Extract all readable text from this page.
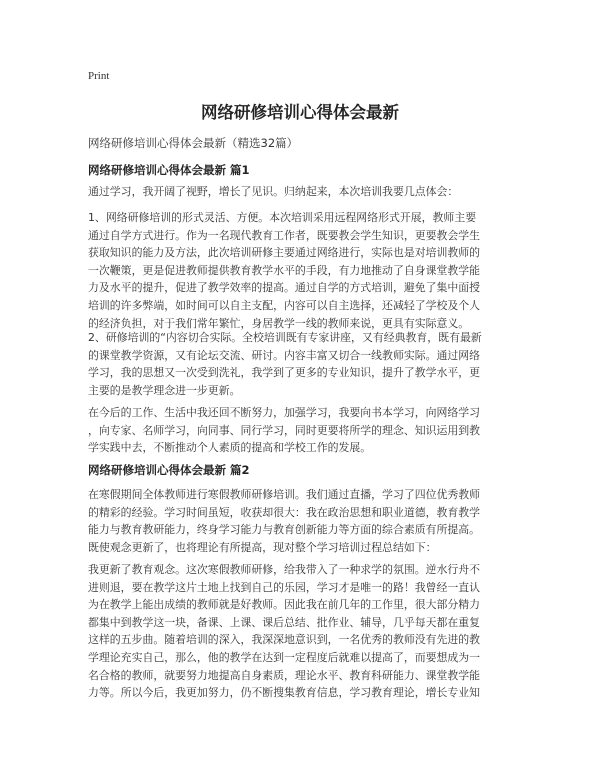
Print
网络研修培训心得体会最新
网络研修培训心得体会最新（精选32篇）
网络研修培训心得体会最新 篇1
通过学习，我开阔了视野，增长了见识。归纳起来，本次培训我要几点体会：
1、网络研修培训的形式灵活、方便。本次培训采用远程网络形式开展，教师主要
通过自学方式进行。作为一名现代教育工作者，既要教会学生知识，更要教会学生
获取知识的能力及方法，此次培训研修主要通过网络进行，实际也是对培训教师的
一次鞭策，更是促进教师提供教育教学水平的手段，有力地推动了自身课堂教学能
力及水平的提升，促进了教学效率的提高。通过自学的方式培训，避免了集中面授
培训的许多弊端，如时间可以自主支配，内容可以自主选择，还减轻了学校及个人
的经济负担，对于我们常年繁忙，身居教学一线的教师来说，更具有实际意义。
2、研修培训的“内容切合实际。全校培训既有专家讲座，又有经典教育，既有最新
的课堂教学资源，又有论坛交流、研讨。内容丰富又切合一线教师实际。通过网络
学习，我的思想又一次受到洗礼，我学到了更多的专业知识，提升了教学水平，更
主要的是教学理念进一步更新。
在今后的工作、生活中我还回不断努力，加强学习，我要向书本学习，向网络学习
，向专家、名师学习，向同事、同行学习，同时更要将所学的理念、知识运用到教
学实践中去，不断推动个人素质的提高和学校工作的发展。
网络研修培训心得体会最新 篇2
在寒假期间全体教师进行寒假教师研修培训。我们通过直播，学习了四位优秀教师
的精彩的经验。学习时间虽短，收获却很大：我在政治思想和职业道德，教育教学
能力与教育教研能力，终身学习能力与教育创新能力等方面的综合素质有所提高。
既使观念更新了，也将理论有所提高，现对整个学习培训过程总结如下：
我更新了教育观念。这次寒假教师研修，给我带入了一种求学的氛围。逆水行舟不
进则退，要在教学这片土地上找到自己的乐园，学习才是唯一的路！我曾经一直认
为在教学上能出成绩的教师就是好教师。因此我在前几年的工作里，很大部分精力
都集中到教学这一块，备课、上课、课后总结、批作业、辅导，几乎每天都在重复
这样的五步曲。随着培训的深入，我深深地意识到，一名优秀的教师没有先进的教
学理论充实自己，那么，他的教学在达到一定程度后就难以提高了，而要想成为一
名合格的教师，就要努力地提高自身素质，理论水平、教育科研能力、课堂教学能
力等。所以今后，我更加努力，仍不断搜集教育信息，学习教育理论，增长专业知
